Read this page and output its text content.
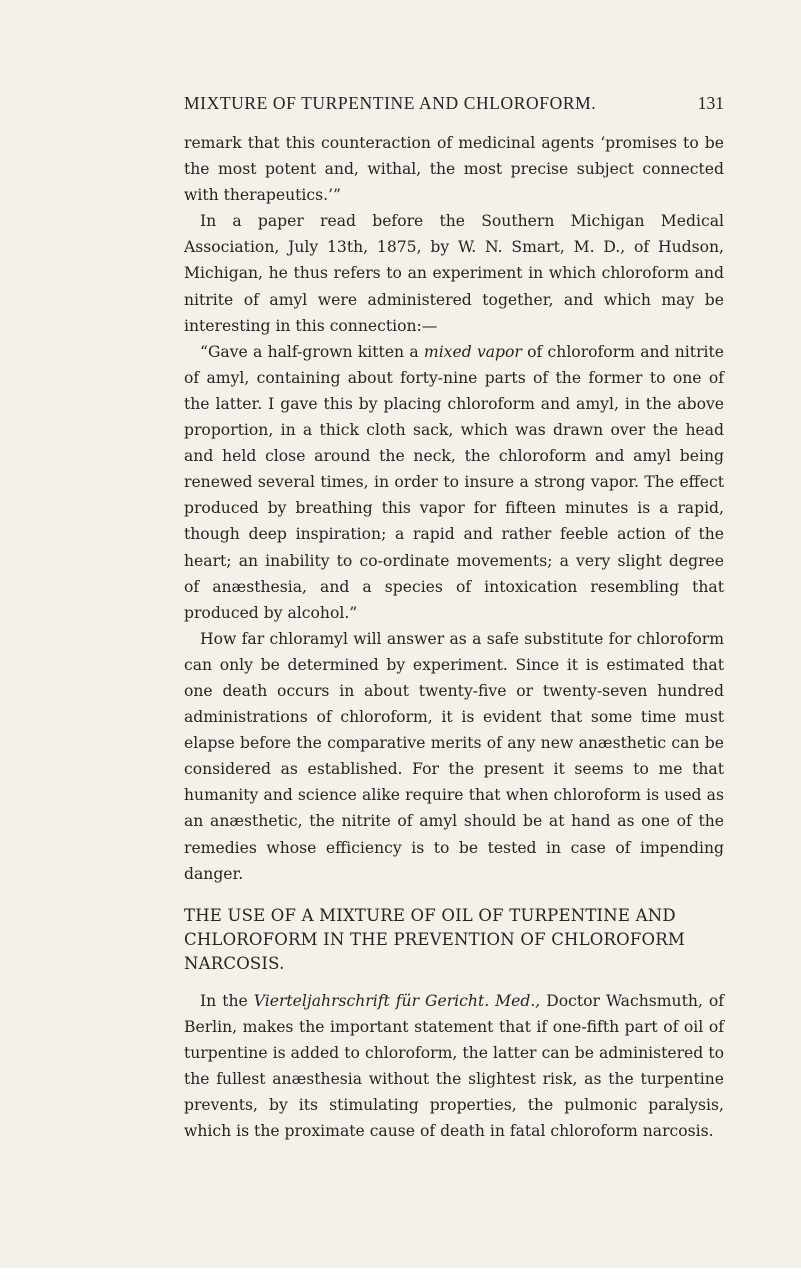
MIXTURE OF TURPENTINE AND CHLOROFORM.	131

remark that this counteraction of medicinal agents ‘promises to be the most potent and, withal, the most precise subject connected with therapeutics.’”

In a paper read before the Southern Michigan Medical Association, July 13th, 1875, by W. N. Smart, M. D., of Hudson, Michigan, he thus refers to an experiment in which chloroform and nitrite of amyl were administered together, and which may be interesting in this connection:—

“Gave a half-grown kitten a mixed vapor of chloroform and nitrite of amyl, containing about forty-nine parts of the former to one of the latter. I gave this by placing chloroform and amyl, in the above proportion, in a thick cloth sack, which was drawn over the head and held close around the neck, the chloroform and amyl being renewed several times, in order to insure a strong vapor. The effect produced by breathing this vapor for fifteen minutes is a rapid, though deep inspiration; a rapid and rather feeble action of the heart; an inability to co-ordinate movements; a very slight degree of anæsthesia, and a species of intoxication resembling that produced by alcohol.”

How far chloramyl will answer as a safe substitute for chloroform can only be determined by experiment. Since it is estimated that one death occurs in about twenty-five or twenty-seven hundred administrations of chloroform, it is evident that some time must elapse before the comparative merits of any new anæsthetic can be considered as established. For the present it seems to me that humanity and science alike require that when chloroform is used as an anæsthetic, the nitrite of amyl should be at hand as one of the remedies whose efficiency is to be tested in case of impending danger.

THE USE OF A MIXTURE OF OIL OF TURPENTINE AND CHLOROFORM IN THE PREVENTION OF CHLOROFORM NARCOSIS.

In the Vierteljahrschrift für Gericht. Med., Doctor Wachsmuth, of Berlin, makes the important statement that if one-fifth part of oil of turpentine is added to chloroform, the latter can be administered to the fullest anæsthesia without the slightest risk, as the turpentine prevents, by its stimulating properties, the pulmonic paralysis, which is the proximate cause of death in fatal chloroform narcosis.
